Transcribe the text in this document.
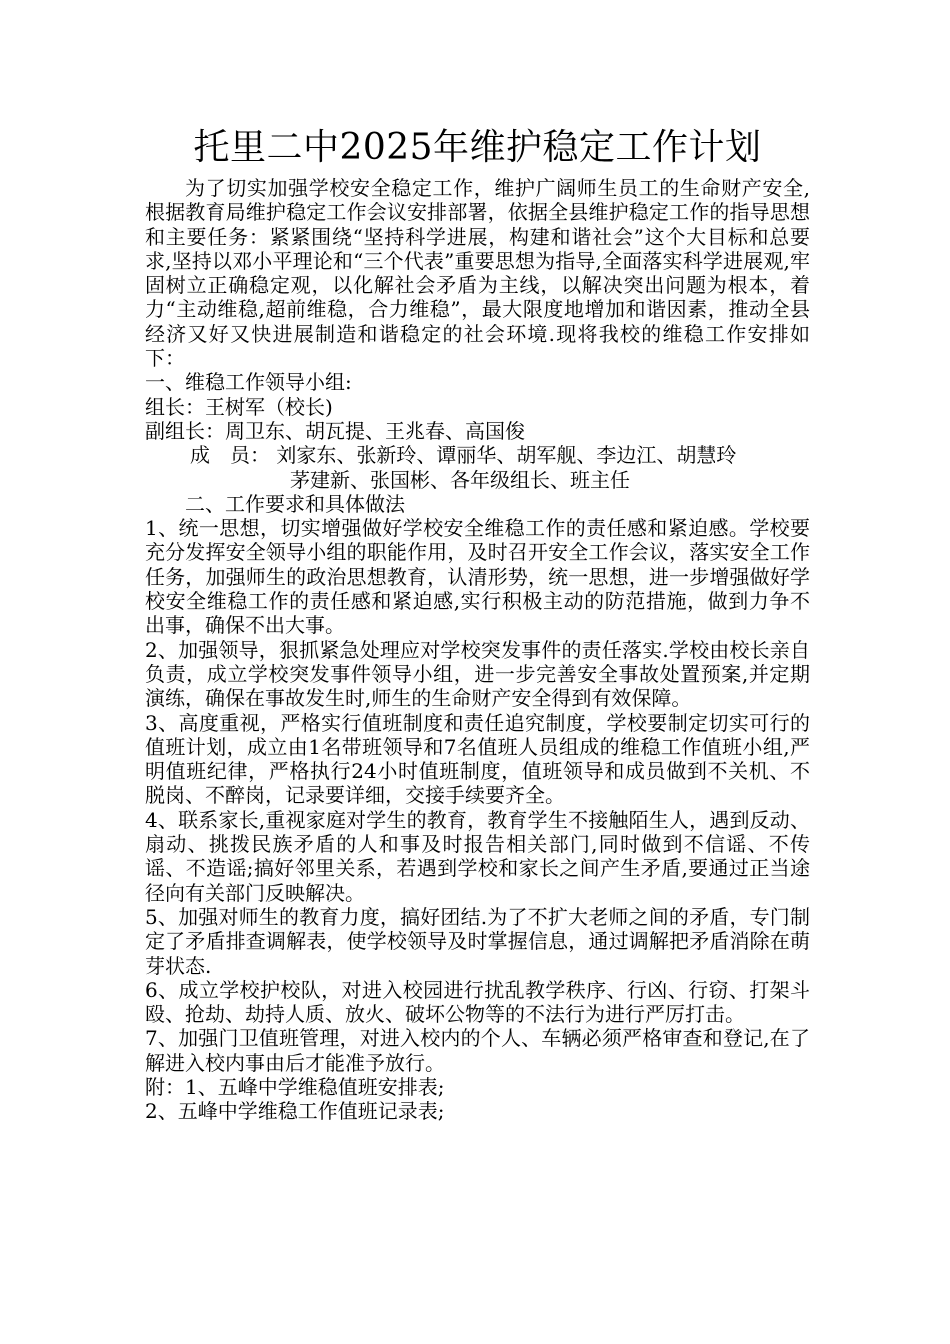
托里二中2025年维护稳定工作计划

为了切实加强学校安全稳定工作，维护广阔师生员工的生命财产安全,根据教育局维护稳定工作会议安排部署，依据全县维护稳定工作的指导思想和主要任务：紧紧围绕“坚持科学进展，构建和谐社会”这个大目标和总要求,坚持以邓小平理论和“三个代表”重要思想为指导,全面落实科学进展观,牢固树立正确稳定观，以化解社会矛盾为主线，以解决突出问题为根本，着力“主动维稳,超前维稳，合力维稳”，最大限度地增加和谐因素，推动全县经济又好又快进展制造和谐稳定的社会环境.现将我校的维稳工作安排如下：

一、维稳工作领导小组:

组长：王树军（校长)

副组长：周卫东、胡瓦提、王兆春、高国俊

成　员： 刘家东、张新玲、谭丽华、胡军舰、李边江、胡慧玲

茅建新、张国彬、各年级组长、班主任

二、工作要求和具体做法

1、统一思想，切实增强做好学校安全维稳工作的责任感和紧迫感。学校要充分发挥安全领导小组的职能作用，及时召开安全工作会议，落实安全工作任务，加强师生的政治思想教育，认清形势，统一思想，进一步增强做好学校安全维稳工作的责任感和紧迫感,实行积极主动的防范措施，做到力争不出事，确保不出大事。

2、加强领导，狠抓紧急处理应对学校突发事件的责任落实.学校由校长亲自负责，成立学校突发事件领导小组，进一步完善安全事故处置预案,并定期演练，确保在事故发生时,师生的生命财产安全得到有效保障。

3、高度重视，严格实行值班制度和责任追究制度，学校要制定切实可行的值班计划，成立由1名带班领导和7名值班人员组成的维稳工作值班小组,严明值班纪律，严格执行24小时值班制度，值班领导和成员做到不关机、不脱岗、不醉岗，记录要详细，交接手续要齐全。

4、联系家长,重视家庭对学生的教育，教育学生不接触陌生人，遇到反动、扇动、挑拨民族矛盾的人和事及时报告相关部门,同时做到不信谣、不传谣、不造谣;搞好邻里关系，若遇到学校和家长之间产生矛盾,要通过正当途径向有关部门反映解决。

5、加强对师生的教育力度，搞好团结.为了不扩大老师之间的矛盾，专门制定了矛盾排查调解表，使学校领导及时掌握信息，通过调解把矛盾消除在萌芽状态.

6、成立学校护校队，对进入校园进行扰乱教学秩序、行凶、行窃、打架斗殴、抢劫、劫持人质、放火、破坏公物等的不法行为进行严厉打击。

7、加强门卫值班管理，对进入校内的个人、车辆必须严格审查和登记,在了解进入校内事由后才能准予放行。

附：1、五峰中学维稳值班安排表;

2、五峰中学维稳工作值班记录表;
